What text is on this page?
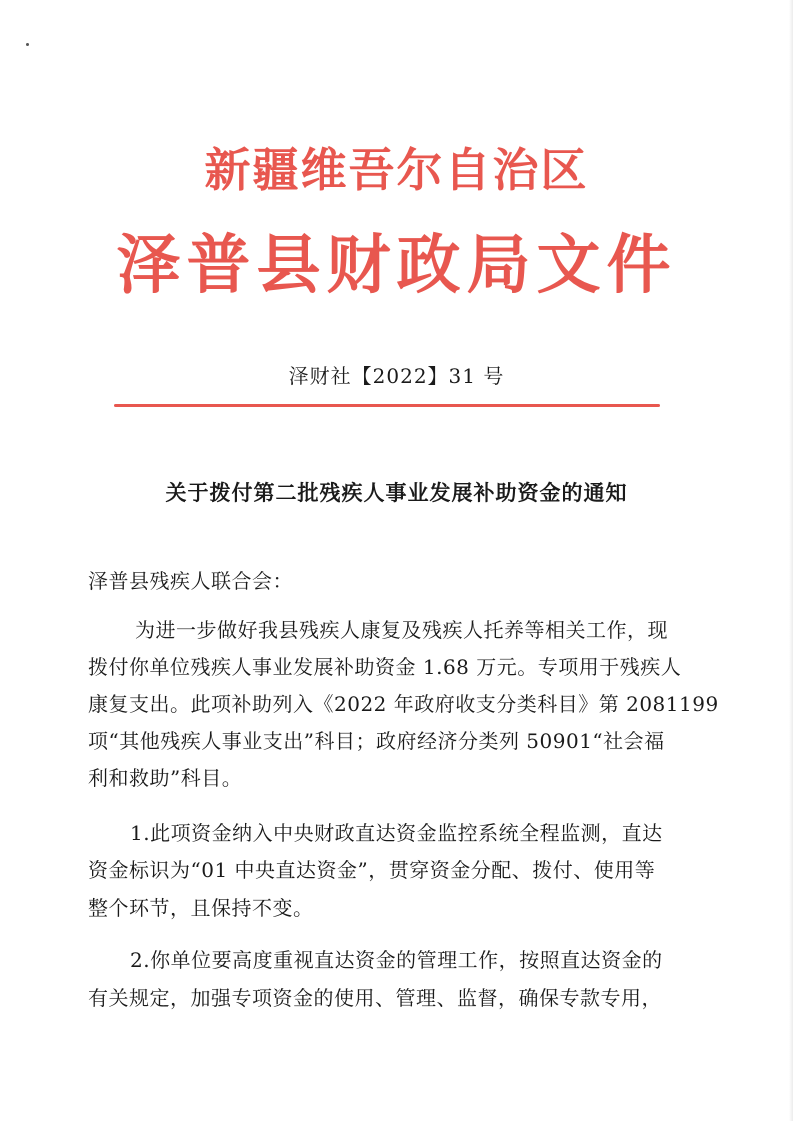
新疆维吾尔自治区
泽普县财政局文件
泽财社【2022】31 号
关于拨付第二批残疾人事业发展补助资金的通知
泽普县残疾人联合会：
为进一步做好我县残疾人康复及残疾人托养等相关工作，现
拨付你单位残疾人事业发展补助资金 1.68 万元。专项用于残疾人
康复支出。此项补助列入《2022 年政府收支分类科目》第 2081199
项“其他残疾人事业支出”科目；政府经济分类列 50901“社会福
利和救助”科目。
1.此项资金纳入中央财政直达资金监控系统全程监测，直达
资金标识为“01 中央直达资金”，贯穿资金分配、拨付、使用等
整个环节，且保持不变。
2.你单位要高度重视直达资金的管理工作，按照直达资金的
有关规定，加强专项资金的使用、管理、监督，确保专款专用，
